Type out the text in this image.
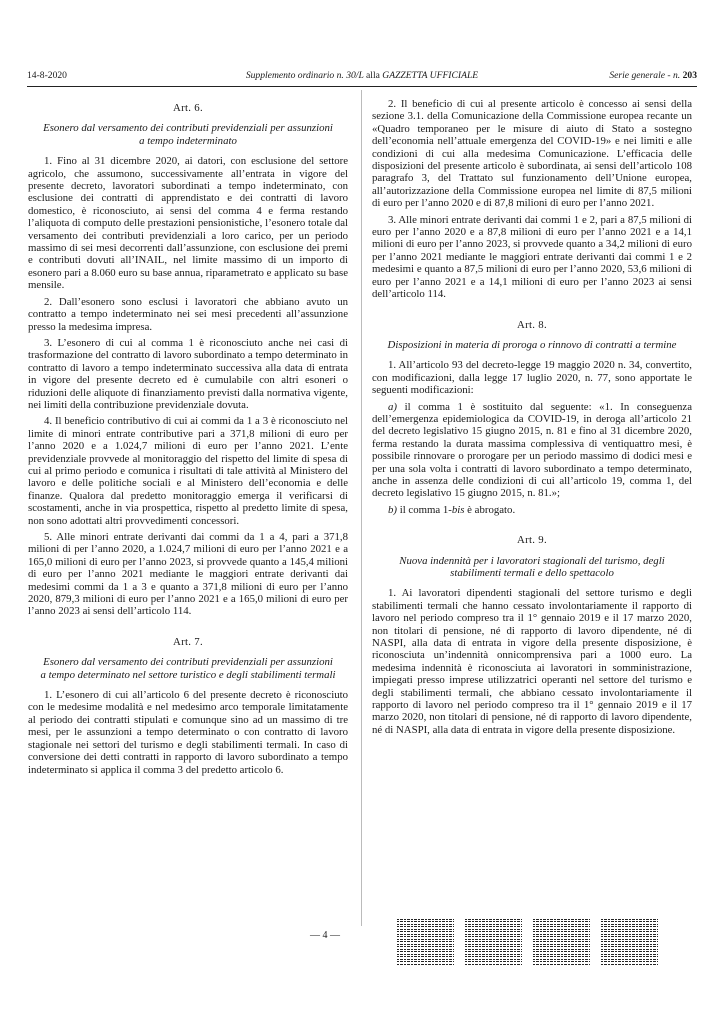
14-8-2020	Supplemento ordinario n. 30/L alla GAZZETTA UFFICIALE	Serie generale - n. 203
Art. 6.
Esonero dal versamento dei contributi previdenziali per assunzioni a tempo indeterminato

1. Fino al 31 dicembre 2020, ai datori, con esclusione del settore agricolo, che assumono, successivamente all’entrata in vigore del presente decreto, lavoratori subordinati a tempo indeterminato, con esclusione dei contratti di apprendistato e dei contratti di lavoro domestico, è riconosciuto, ai sensi del comma 4 e ferma restando l’aliquota di computo delle prestazioni pensionistiche, l’esonero totale dal versamento dei contributi previdenziali a loro carico, per un periodo massimo di sei mesi decorrenti dall’assunzione, con esclusione dei premi e contributi dovuti all’INAIL, nel limite massimo di un importo di esonero pari a 8.060 euro su base annua, riparametrato e applicato su base mensile.

2. Dall’esonero sono esclusi i lavoratori che abbiano avuto un contratto a tempo indeterminato nei sei mesi precedenti all’assunzione presso la medesima impresa.

3. L’esonero di cui al comma 1 è riconosciuto anche nei casi di trasformazione del contratto di lavoro subordinato a tempo determinato in contratto di lavoro a tempo indeterminato successiva alla data di entrata in vigore del presente decreto ed è cumulabile con altri esoneri o riduzioni delle aliquote di finanziamento previsti dalla normativa vigente, nei limiti della contribuzione previdenziale dovuta.

4. Il beneficio contributivo di cui ai commi da 1 a 3 è riconosciuto nel limite di minori entrate contributive pari a 371,8 milioni di euro per l’anno 2020 e a 1.024,7 milioni di euro per l’anno 2021. L’ente previdenziale provvede al monitoraggio del rispetto del limite di spesa di cui al primo periodo e comunica i risultati di tale attività al Ministero del lavoro e delle politiche sociali e al Ministero dell’economia e delle finanze. Qualora dal predetto monitoraggio emerga il verificarsi di scostamenti, anche in via prospettica, rispetto al predetto limite di spesa, non sono adottati altri provvedimenti concessori.

5. Alle minori entrate derivanti dai commi da 1 a 4, pari a 371,8 milioni di per l’anno 2020, a 1.024,7 milioni di euro per l’anno 2021 e a 165,0 milioni di euro per l’anno 2023, si provvede quanto a 145,4 milioni di euro per l’anno 2021 mediante le maggiori entrate derivanti dai medesimi commi da 1 a 3 e quanto a 371,8 milioni di euro per l’anno 2020, 879,3 milioni di euro per l’anno 2021 e a 165,0 milioni di euro per l’anno 2023 ai sensi dell’articolo 114.

Art. 7.
Esonero dal versamento dei contributi previdenziali per assunzioni a tempo determinato nel settore turistico e degli stabilimenti termali

1. L’esonero di cui all’articolo 6 del presente decreto è riconosciuto con le medesime modalità e nel medesimo arco temporale limitatamente al periodo dei contratti stipulati e comunque sino ad un massimo di tre mesi, per le assunzioni a tempo determinato o con contratto di lavoro stagionale nei settori del turismo e degli stabilimenti termali. In caso di conversione dei detti contratti in rapporto di lavoro subordinato a tempo indeterminato si applica il comma 3 del predetto articolo 6.

2. Il beneficio di cui al presente articolo è concesso ai sensi della sezione 3.1. della Comunicazione della Commissione europea recante un «Quadro temporaneo per le misure di aiuto di Stato a sostegno dell’economia nell’attuale emergenza del COVID-19» e nei limiti e alle condizioni di cui alla medesima Comunicazione. L’efficacia delle disposizioni del presente articolo è subordinata, ai sensi dell’articolo 108 paragrafo 3, del Trattato sul funzionamento dell’Unione europea, all’autorizzazione della Commissione europea nel limite di 87,5 milioni di euro per l’anno 2020 e di 87,8 milioni di euro per l’anno 2021.

3. Alle minori entrate derivanti dai commi 1 e 2, pari a 87,5 milioni di euro per l’anno 2020 e a 87,8 milioni di euro per l’anno 2021 e a 14,1 milioni di euro per l’anno 2023, si provvede quanto a 34,2 milioni di euro per l’anno 2021 mediante le maggiori entrate derivanti dai commi 1 e 2 medesimi e quanto a 87,5 milioni di euro per l’anno 2020, 53,6 milioni di euro per l’anno 2021 e a 14,1 milioni di euro per l’anno 2023 ai sensi dell’articolo 114.

Art. 8.
Disposizioni in materia di proroga o rinnovo di contratti a termine

1. All’articolo 93 del decreto-legge 19 maggio 2020 n. 34, convertito, con modificazioni, dalla legge 17 luglio 2020, n. 77, sono apportate le seguenti modificazioni:

a) il comma 1 è sostituito dal seguente: «1. In conseguenza dell’emergenza epidemiologica da COVID-19, in deroga all’articolo 21 del decreto legislativo 15 giugno 2015, n. 81 e fino al 31 dicembre 2020, ferma restando la durata massima complessiva di ventiquattro mesi, è possibile rinnovare o prorogare per un periodo massimo di dodici mesi e per una sola volta i contratti di lavoro subordinato a tempo determinato, anche in assenza delle condizioni di cui all’articolo 19, comma 1, del decreto legislativo 15 giugno 2015, n. 81.»;

b) il comma 1-bis è abrogato.

Art. 9.
Nuova indennità per i lavoratori stagionali del turismo, degli stabilimenti termali e dello spettacolo

1. Ai lavoratori dipendenti stagionali del settore turismo e degli stabilimenti termali che hanno cessato involontariamente il rapporto di lavoro nel periodo compreso tra il 1° gennaio 2019 e il 17 marzo 2020, non titolari di pensione, né di rapporto di lavoro dipendente, né di NASPI, alla data di entrata in vigore della presente disposizione, è riconosciuta un’indennità onnicomprensiva pari a 1000 euro. La medesima indennità è riconosciuta ai lavoratori in somministrazione, impiegati presso imprese utilizzatrici operanti nel settore del turismo e degli stabilimenti termali, che abbiano cessato involontariamente il rapporto di lavoro nel periodo compreso tra il 1° gennaio 2019 e il 17 marzo 2020, non titolari di pensione, né di rapporto di lavoro dipendente, né di NASPI, alla data di entrata in vigore della presente disposizione.

— 4 —
